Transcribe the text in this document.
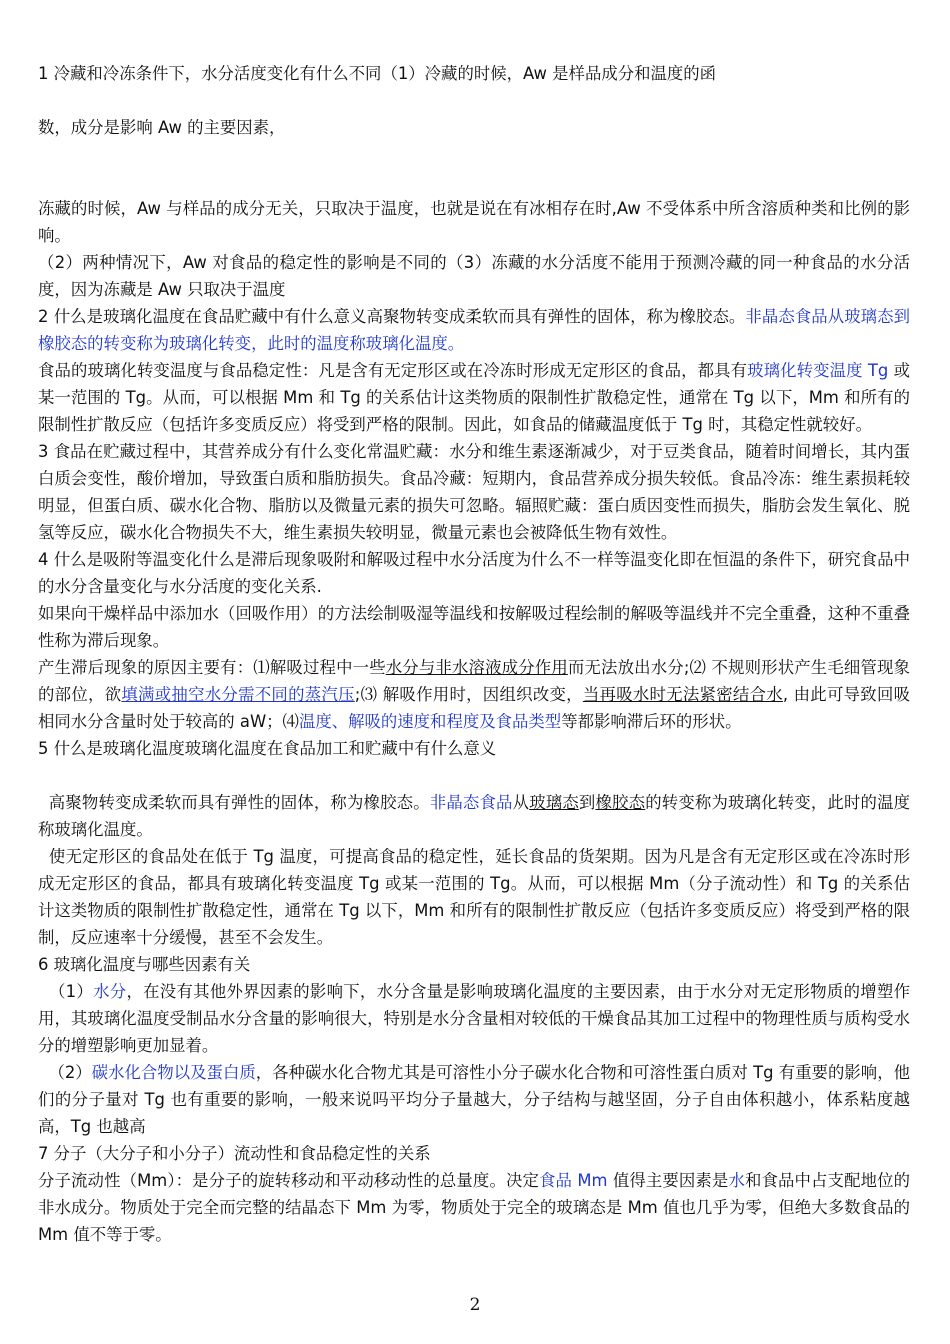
1 冷藏和冷冻条件下，水分活度变化有什么不同（1）冷藏的时候，Aw 是样品成分和温度的函

数，成分是影响 Aw 的主要因素，

冻藏的时候，Aw 与样品的成分无关，只取决于温度，也就是说在有冰相存在时,Aw 不受体系中所含溶质种类和比例的影响。

（2）两种情况下，Aw 对食品的稳定性的影响是不同的（3）冻藏的水分活度不能用于预测冷藏的同一种食品的水分活度，因为冻藏是 Aw 只取决于温度

2 什么是玻璃化温度在食品贮藏中有什么意义高聚物转变成柔软而具有弹性的固体，称为橡胶态。非晶态食品从玻璃态到橡胶态的转变称为玻璃化转变，此时的温度称玻璃化温度。

食品的玻璃化转变温度与食品稳定性：凡是含有无定形区或在冷冻时形成无定形区的食品，都具有玻璃化转变温度 Tg 或某一范围的 Tg。从而，可以根据 Mm 和 Tg 的关系估计这类物质的限制性扩散稳定性，通常在 Tg 以下，Mm 和所有的限制性扩散反应（包括许多变质反应）将受到严格的限制。因此，如食品的储藏温度低于 Tg 时，其稳定性就较好。

3 食品在贮藏过程中，其营养成分有什么变化常温贮藏：水分和维生素逐渐减少，对于豆类食品，随着时间增长，其内蛋白质会变性，酸价增加，导致蛋白质和脂肪损失。食品冷藏：短期内，食品营养成分损失较低。食品冷冻：维生素损耗较明显，但蛋白质、碳水化合物、脂肪以及微量元素的损失可忽略。辐照贮藏：蛋白质因变性而损失，脂肪会发生氧化、脱氢等反应，碳水化合物损失不大，维生素损失较明显，微量元素也会被降低生物有效性。

4 什么是吸附等温变化什么是滞后现象吸附和解吸过程中水分活度为什么不一样等温变化即在恒温的条件下，研究食品中的水分含量变化与水分活度的变化关系.

如果向干燥样品中添加水（回吸作用）的方法绘制吸湿等温线和按解吸过程绘制的解吸等温线并不完全重叠，这种不重叠性称为滞后现象。

产生滞后现象的原因主要有：⑴解吸过程中一些水分与非水溶液成分作用而无法放出水分;⑵ 不规则形状产生毛细管现象的部位，欲填满或抽空水分需不同的蒸汽压;⑶ 解吸作用时，因组织改变，当再吸水时无法紧密结合水, 由此可导致回吸相同水分含量时处于较高的 aW；⑷温度、解吸的速度和程度及食品类型等都影响滞后环的形状。

5 什么是玻璃化温度玻璃化温度在食品加工和贮藏中有什么意义

高聚物转变成柔软而具有弹性的固体，称为橡胶态。非晶态食品从玻璃态到橡胶态的转变称为玻璃化转变，此时的温度称玻璃化温度。

使无定形区的食品处在低于 Tg 温度，可提高食品的稳定性，延长食品的货架期。因为凡是含有无定形区或在冷冻时形成无定形区的食品，都具有玻璃化转变温度 Tg 或某一范围的 Tg。从而，可以根据 Mm（分子流动性）和 Tg 的关系估计这类物质的限制性扩散稳定性，通常在 Tg 以下，Mm 和所有的限制性扩散反应（包括许多变质反应）将受到严格的限制，反应速率十分缓慢，甚至不会发生。

6 玻璃化温度与哪些因素有关

（1）水分，在没有其他外界因素的影响下，水分含量是影响玻璃化温度的主要因素，由于水分对无定形物质的增塑作用，其玻璃化温度受制品水分含量的影响很大，特别是水分含量相对较低的干燥食品其加工过程中的物理性质与质构受水分的增塑影响更加显着。

（2）碳水化合物以及蛋白质，各种碳水化合物尤其是可溶性小分子碳水化合物和可溶性蛋白质对 Tg 有重要的影响，他们的分子量对 Tg 也有重要的影响，一般来说吗平均分子量越大，分子结构与越坚固，分子自由体积越小，体系粘度越高，Tg 也越高

7 分子（大分子和小分子）流动性和食品稳定性的关系

分子流动性（Mm）：是分子的旋转移动和平动移动性的总量度。决定食品 Mm 值得主要因素是水和食品中占支配地位的非水成分。物质处于完全而完整的结晶态下 Mm 为零，物质处于完全的玻璃态是 Mm 值也几乎为零，但绝大多数食品的 Mm 值不等于零。

2
